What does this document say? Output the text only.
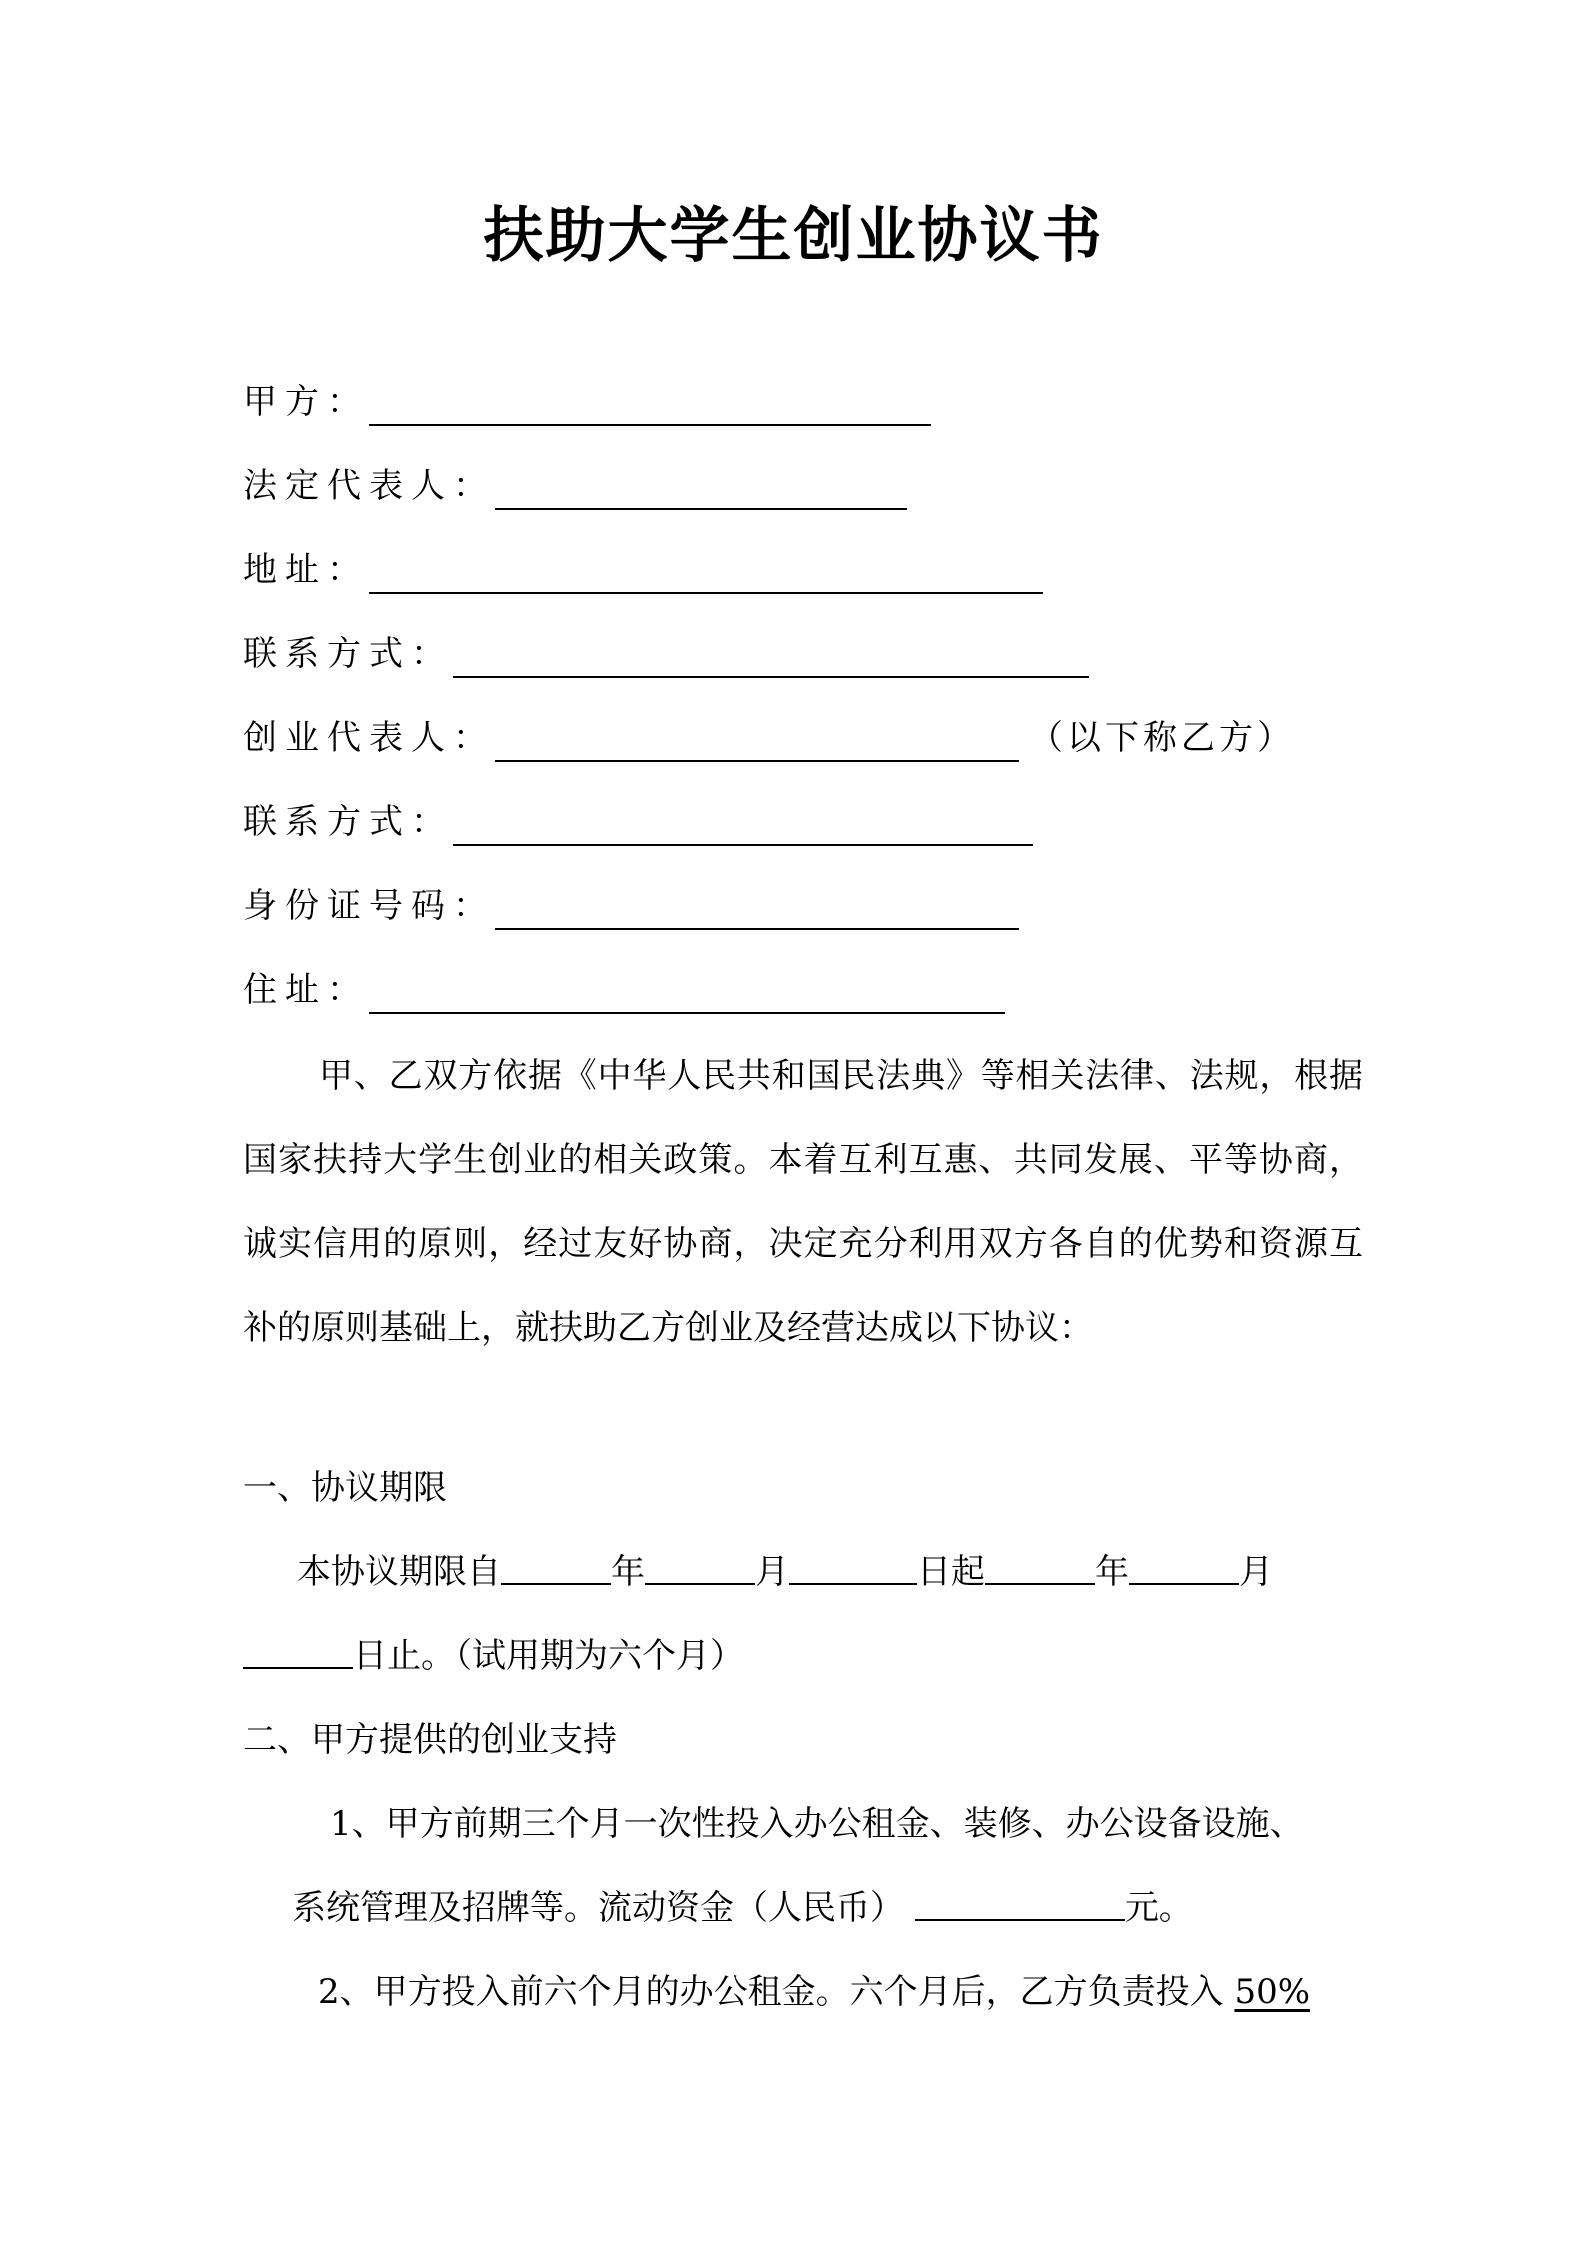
扶助大学生创业协议书
甲方：
法定代表人：
地址：
联系方式：
创业代表人：	（以下称乙方）
联系方式：
身份证号码：
住址：
甲、乙双方依据《中华人民共和国民法典》等相关法律、法规，根据国家扶持大学生创业的相关政策。本着互利互惠、共同发展、平等协商，诚实信用的原则，经过友好协商，决定充分利用双方各自的优势和资源互补的原则基础上，就扶助乙方创业及经营达成以下协议：
一、协议期限
本协议期限自	年	月	日起	年	月
日止。（试用期为六个月）
二、甲方提供的创业支持
1、甲方前期三个月一次性投入办公租金、装修、办公设备设施、
系统管理及招牌等。流动资金（人民币）	元。
2、甲方投入前六个月的办公租金。六个月后，乙方负责投入 50%
